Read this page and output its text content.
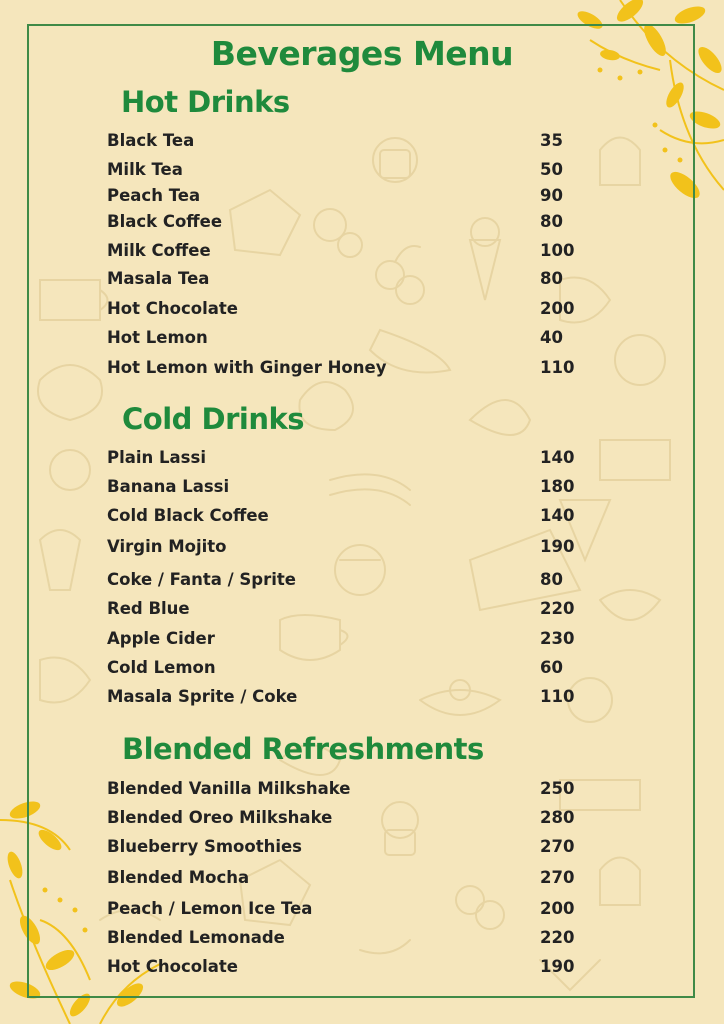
Beverages Menu
Hot Drinks
Black Tea	35
Milk Tea	50
Peach Tea	90
Black Coffee	80
Milk Coffee	100
Masala Tea	80
Hot Chocolate	200
Hot Lemon	40
Hot Lemon with Ginger Honey	110
Cold Drinks
Plain Lassi	140
Banana Lassi	180
Cold Black Coffee	140
Virgin Mojito	190
Coke / Fanta / Sprite	80
Red Blue	220
Apple Cider	230
Cold Lemon	60
Masala Sprite / Coke	110
Blended Refreshments
Blended Vanilla Milkshake	250
Blended Oreo Milkshake	280
Blueberry Smoothies	270
Blended Mocha	270
Peach / Lemon Ice Tea	200
Blended Lemonade	220
Hot Chocolate	190
